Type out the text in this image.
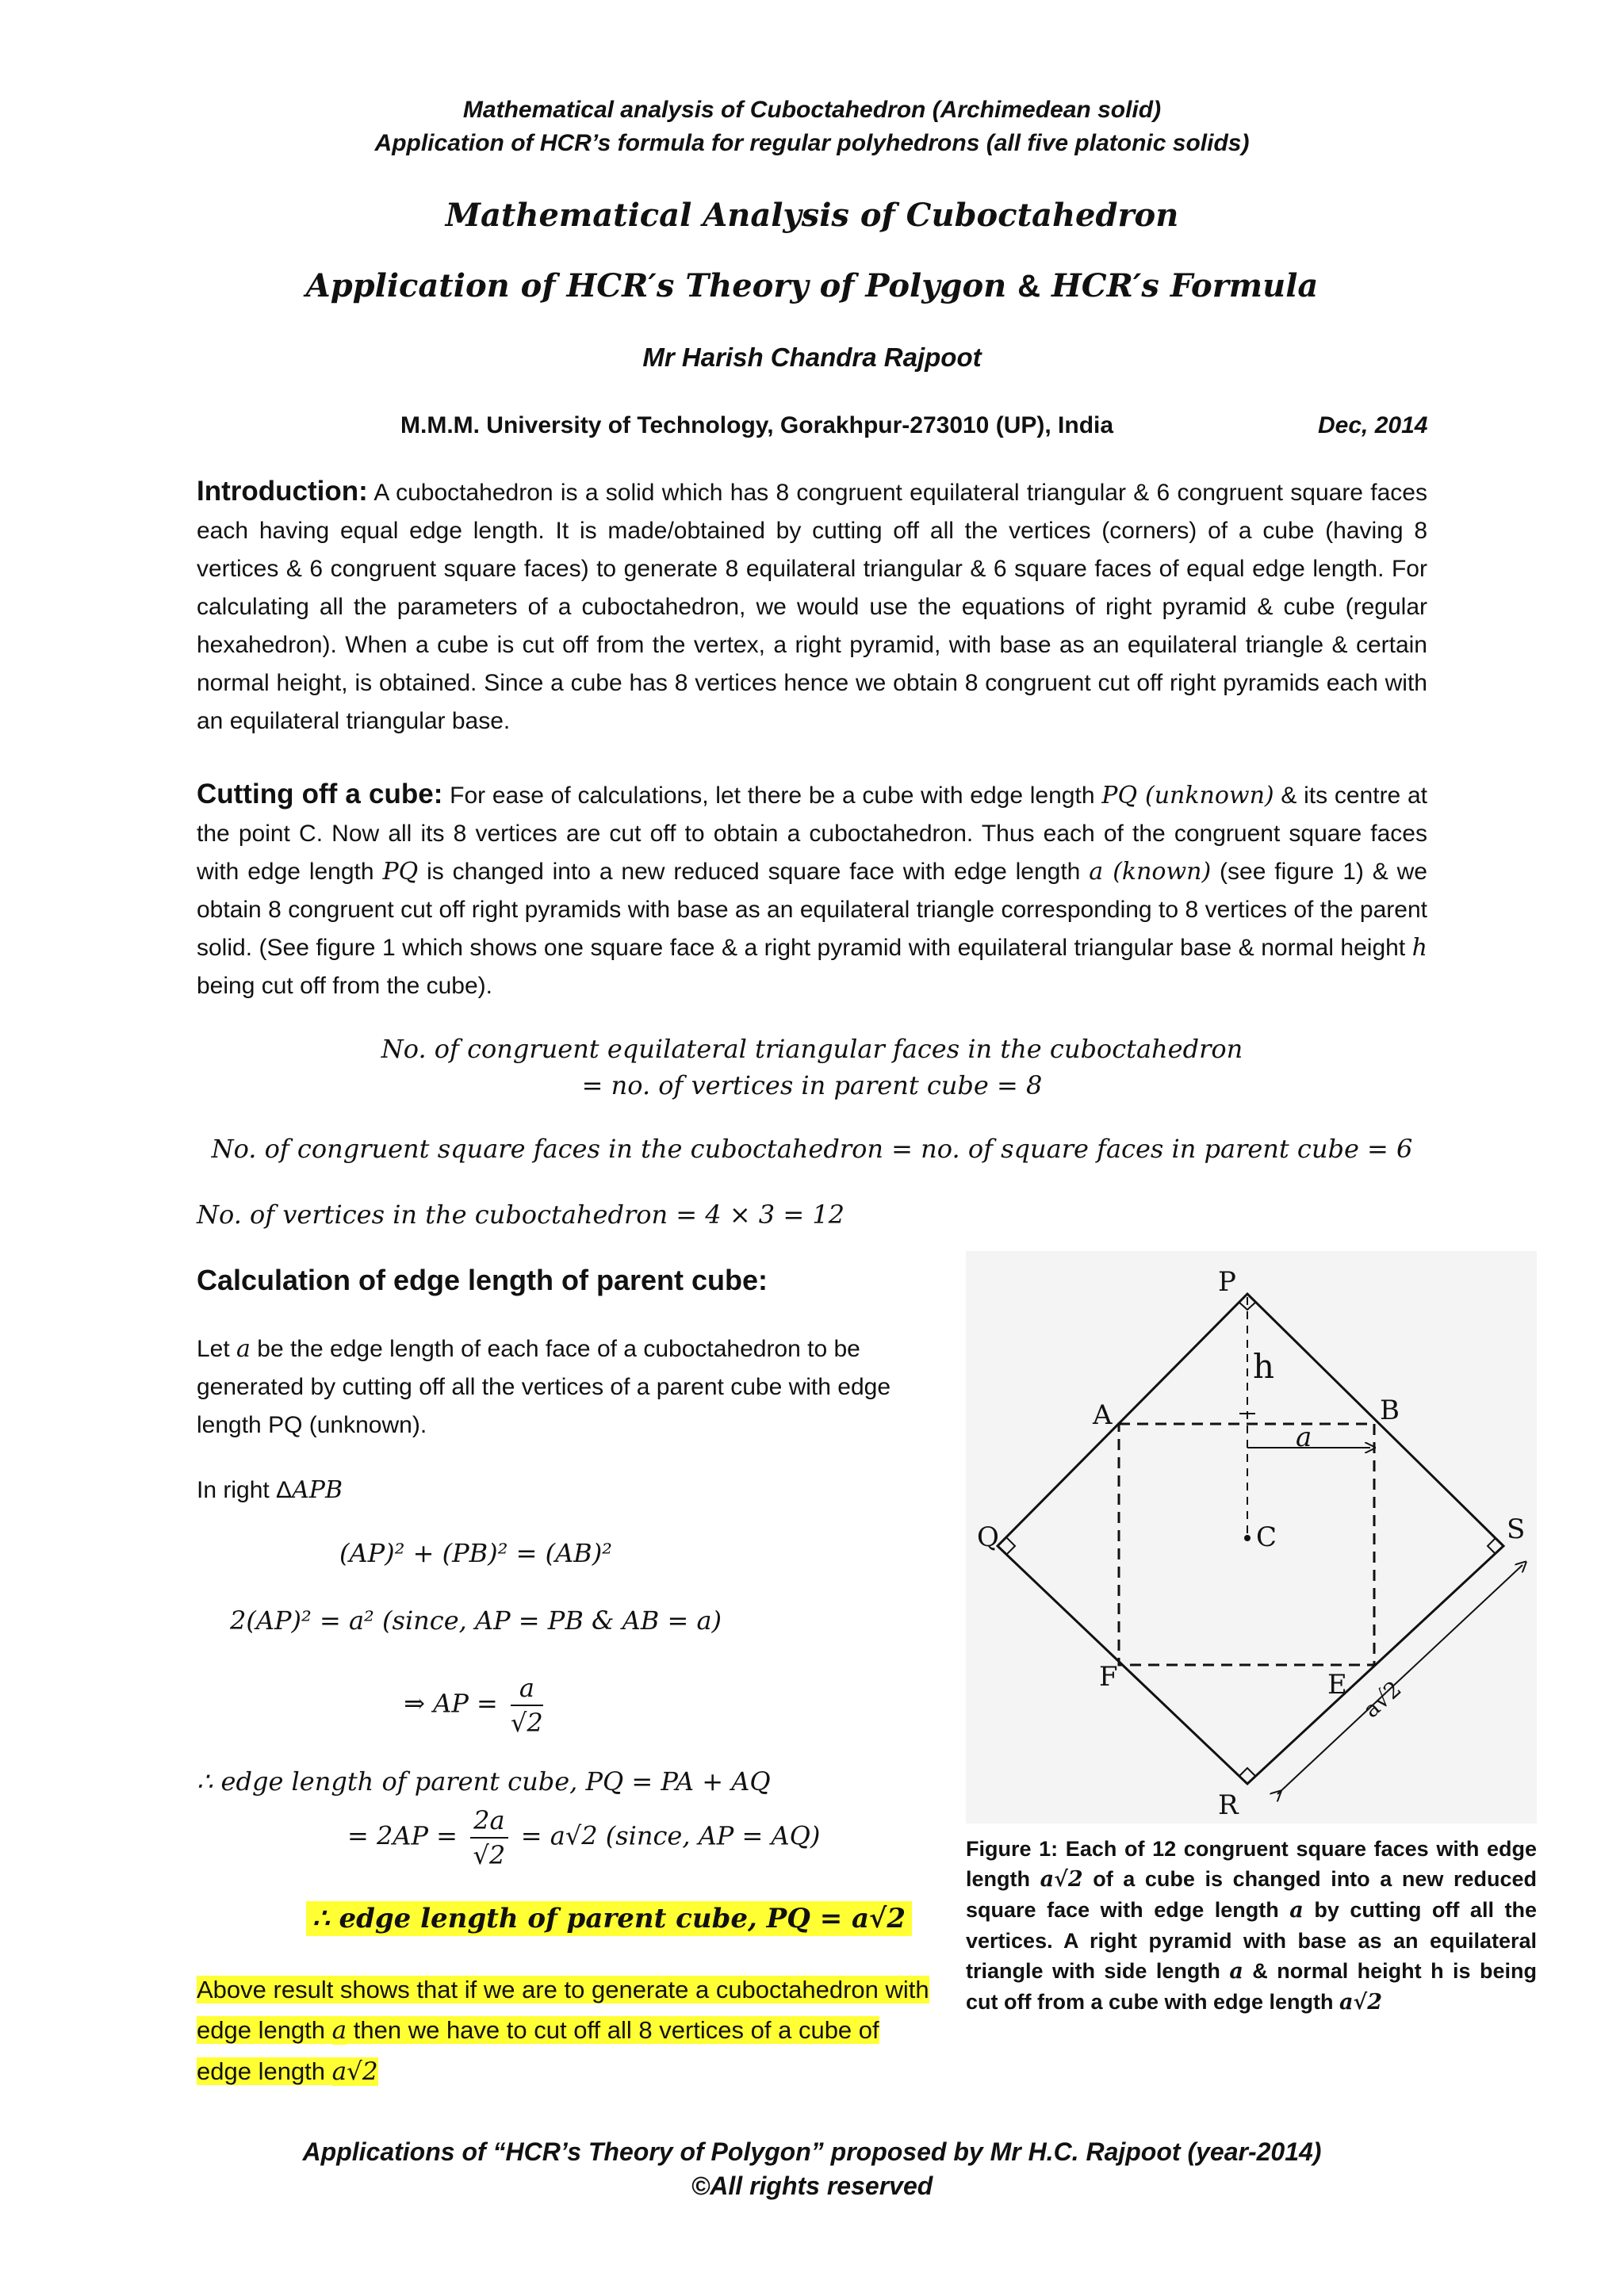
Mathematical analysis of Cuboctahedron (Archimedean solid)
Application of HCR’s formula for regular polyhedrons (all five platonic solids)
Mathematical Analysis of Cuboctahedron
Application of HCR′s Theory of Polygon & HCR′s Formula
Mr Harish Chandra Rajpoot
M.M.M. University of Technology, Gorakhpur-273010 (UP), India	Dec, 2014
Introduction: A cuboctahedron is a solid which has 8 congruent equilateral triangular & 6 congruent square faces each having equal edge length. It is made/obtained by cutting off all the vertices (corners) of a cube (having 8 vertices & 6 congruent square faces) to generate 8 equilateral triangular & 6 square faces of equal edge length. For calculating all the parameters of a cuboctahedron, we would use the equations of right pyramid & cube (regular hexahedron). When a cube is cut off from the vertex, a right pyramid, with base as an equilateral triangle & certain normal height, is obtained. Since a cube has 8 vertices hence we obtain 8 congruent cut off right pyramids each with an equilateral triangular base.
Cutting off a cube: For ease of calculations, let there be a cube with edge length PQ (unknown) & its centre at the point C. Now all its 8 vertices are cut off to obtain a cuboctahedron. Thus each of the congruent square faces with edge length PQ is changed into a new reduced square face with edge length a (known) (see figure 1) & we obtain 8 congruent cut off right pyramids with base as an equilateral triangle corresponding to 8 vertices of the parent solid. (See figure 1 which shows one square face & a right pyramid with equilateral triangular base & normal height h being cut off from the cube).
No. of congruent equilateral triangular faces in the cuboctahedron
= no. of vertices in parent cube = 8
No. of congruent square faces in the cuboctahedron = no. of square faces in parent cube = 6
No. of vertices in the cuboctahedron = 4 × 3 = 12
Calculation of edge length of parent cube:
Let a be the edge length of each face of a cuboctahedron to be generated by cutting off all the vertices of a parent cube with edge length PQ (unknown).
In right ΔAPB
(AP)² + (PB)² = (AB)²
2(AP)² = a² (since, AP = PB & AB = a)
⇒ AP = $\frac{a}{√2}$
∴ edge length of parent cube, PQ = PA + AQ
= $2AP = \frac{2a}{√2} = a√2$ (since, AP = AQ)
∴ edge length of parent cube, PQ = a√2
Above result shows that if we are to generate a cuboctahedron with edge length a then we have to cut off all 8 vertices of a cube of edge length a√2
P
Q
R
S
A	B
E
F
C
h
a
a√2
Figure 1: Each of 12 congruent square faces with edge length a√2 of a cube is changed into a new reduced square face with edge length a by cutting off all the vertices. A right pyramid with base as an equilateral triangle with side length a & normal height h is being cut off from a cube with edge length a√2
Applications of “HCR’s Theory of Polygon” proposed by Mr H.C. Rajpoot (year-2014)
©All rights reserved
